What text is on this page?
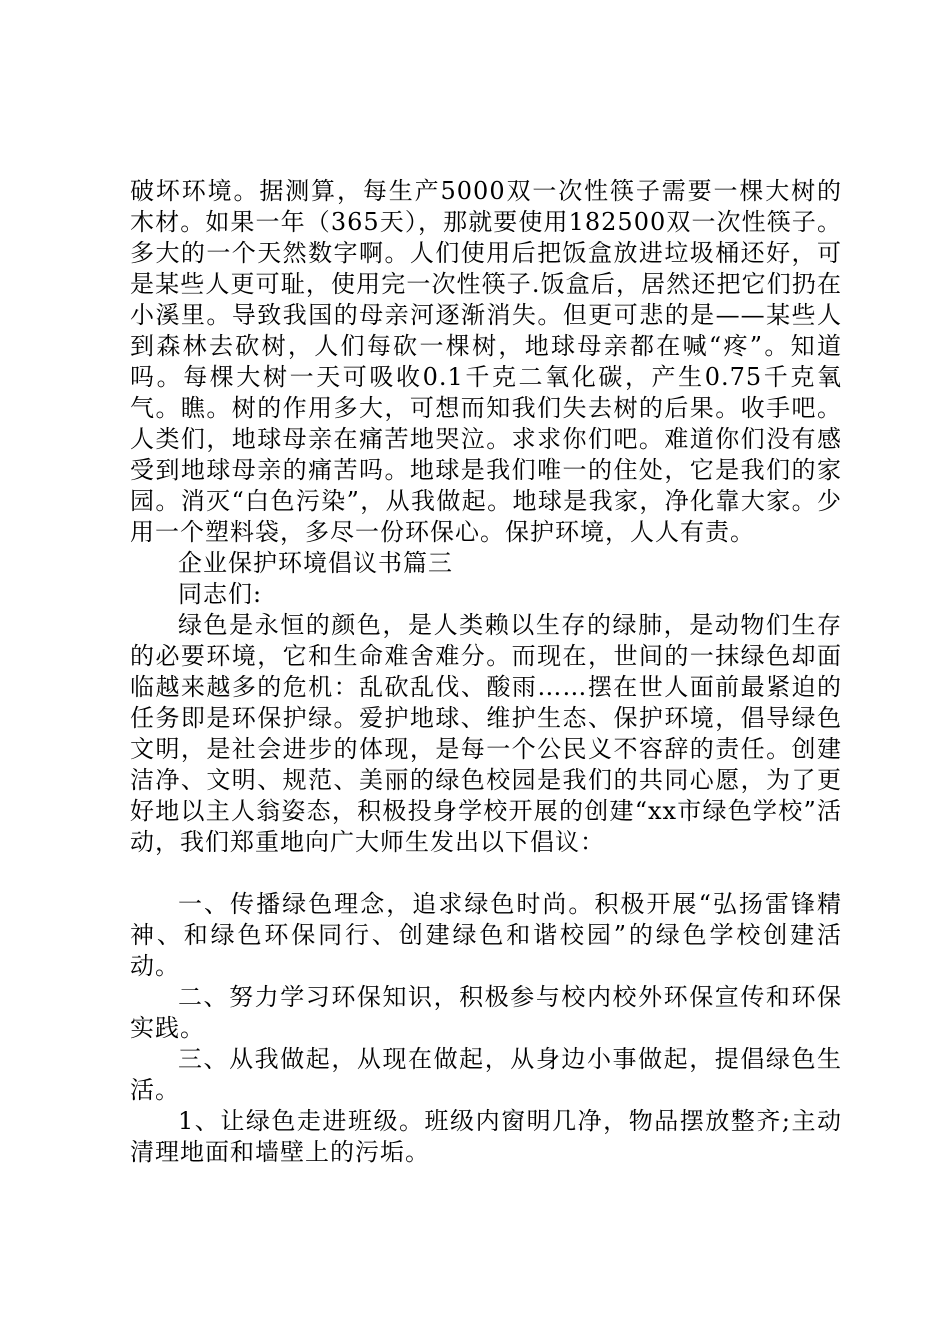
破坏环境。据测算，每生产5000双一次性筷子需要一棵大树的木材。如果一年（365天），那就要使用182500双一次性筷子。多大的一个天然数字啊。人们使用后把饭盒放进垃圾桶还好，可是某些人更可耻，使用完一次性筷子.饭盒后，居然还把它们扔在小溪里。导致我国的母亲河逐渐消失。但更可悲的是——某些人到森林去砍树，人们每砍一棵树，地球母亲都在喊“疼”。知道吗。每棵大树一天可吸收0.1千克二氧化碳，产生0.75千克氧气。瞧。树的作用多大，可想而知我们失去树的后果。收手吧。人类们，地球母亲在痛苦地哭泣。求求你们吧。难道你们没有感受到地球母亲的痛苦吗。地球是我们唯一的住处，它是我们的家园。消灭“白色污染”，从我做起。地球是我家，净化靠大家。少用一个塑料袋，多尽一份环保心。保护环境，人人有责。

企业保护环境倡议书篇三

同志们:

绿色是永恒的颜色，是人类赖以生存的绿肺，是动物们生存的必要环境，它和生命难舍难分。而现在，世间的一抹绿色却面临越来越多的危机：乱砍乱伐、酸雨……摆在世人面前最紧迫的任务即是环保护绿。爱护地球、维护生态、保护环境，倡导绿色文明，是社会进步的体现，是每一个公民义不容辞的责任。创建洁净、文明、规范、美丽的绿色校园是我们的共同心愿，为了更好地以主人翁姿态，积极投身学校开展的创建“xx市绿色学校”活动，我们郑重地向广大师生发出以下倡议：

一、传播绿色理念，追求绿色时尚。积极开展“弘扬雷锋精神、和绿色环保同行、创建绿色和谐校园”的绿色学校创建活动。

二、努力学习环保知识，积极参与校内校外环保宣传和环保实践。

三、从我做起，从现在做起，从身边小事做起，提倡绿色生活。

1、让绿色走进班级。班级内窗明几净，物品摆放整齐;主动清理地面和墙壁上的污垢。
